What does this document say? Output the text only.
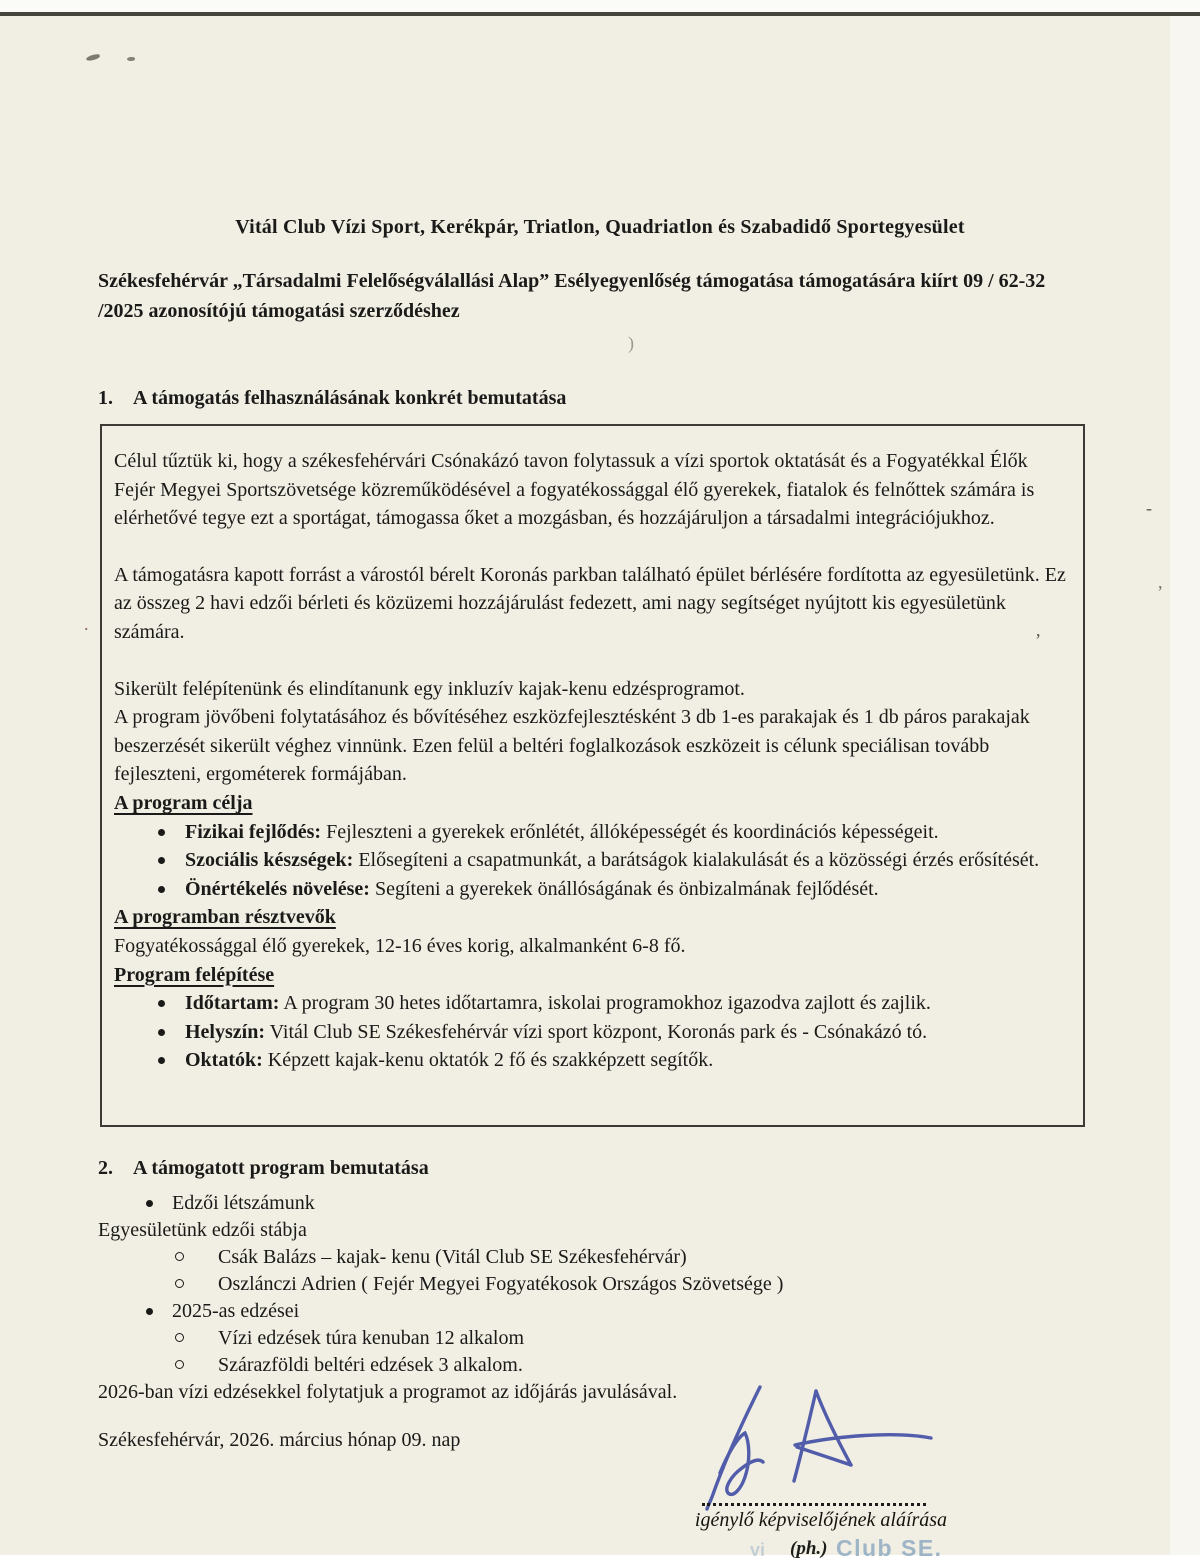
Vitál Club Vízi Sport, Kerékpár, Triatlon, Quadriatlon és Szabadidő Sportegyesület
Székesfehérvár „Társadalmi Felelőségválallási Alap” Esélyegyenlőség támogatása támogatására kiírt 09 / 62-32 /2025 azonosítójú támogatási szerződéshez
)
1. A támogatás felhasználásának konkrét bemutatása

Célul tűztük ki, hogy a székesfehérvári Csónakázó tavon folytassuk a vízi sportok oktatását és a Fogyatékkal Élők Fejér Megyei Sportszövetsége közreműködésével a fogyatékossággal élő gyerekek, fiatalok és felnőttek számára is elérhetővé tegye ezt a sportágat, támogassa őket a mozgásban, és hozzájáruljon a társadalmi integrációjukhoz.

A támogatásra kapott forrást a várostól bérelt Koronás parkban található épület bérlésére fordította az egyesületünk. Ez az összeg 2 havi edzői bérleti és közüzemi hozzájárulást fedezett, ami nagy segítséget nyújtott kis egyesületünk számára.

Sikerült felépítenünk és elindítanunk egy inkluzív kajak-kenu edzésprogramot.

A program jövőbeni folytatásához és bővítéséhez eszközfejlesztésként 3 db 1-es parakajak és 1 db páros parakajak beszerzését sikerült véghez vinnünk. Ezen felül a beltéri foglalkozások eszközeit is célunk speciálisan tovább fejleszteni, ergométerek formájában.

A program célja
Fizikai fejlődés: Fejleszteni a gyerekek erőnlétét, állóképességét és koordinációs képességeit.
Szociális készségek: Elősegíteni a csapatmunkát, a barátságok kialakulását és a közösségi érzés erősítését.
Önértékelés növelése: Segíteni a gyerekek önállóságának és önbizalmának fejlődését.
A programban résztvevők
Fogyatékossággal élő gyerekek, 12-16 éves korig, alkalmanként 6-8 fő.
Program felépítése
Időtartam: A program 30 hetes időtartamra, iskolai programokhoz igazodva zajlott és zajlik.
Helyszín: Vitál Club SE Székesfehérvár vízi sport központ, Koronás park és - Csónakázó tó.
Oktatók: Képzett kajak-kenu oktatók 2 fő és szakképzett segítők.
-
,
,
.
2. A támogatott program bemutatása
Edzői létszámunk
Egyesületünk edzői stábja
Csák Balázs – kajak- kenu (Vitál Club SE Székesfehérvár)
Oszlánczi Adrien ( Fejér Megyei Fogyatékosok Országos Szövetsége )
2025-as edzései
Vízi edzések túra kenuban 12 alkalom
Szárazföldi beltéri edzések 3 alkalom.
2026-ban vízi edzésekkel folytatjuk a programot az időjárás javulásával.
Székesfehérvár, 2026. március hónap 09. nap
igénylő képviselőjének aláírása
vi (ph.) Club SE.
